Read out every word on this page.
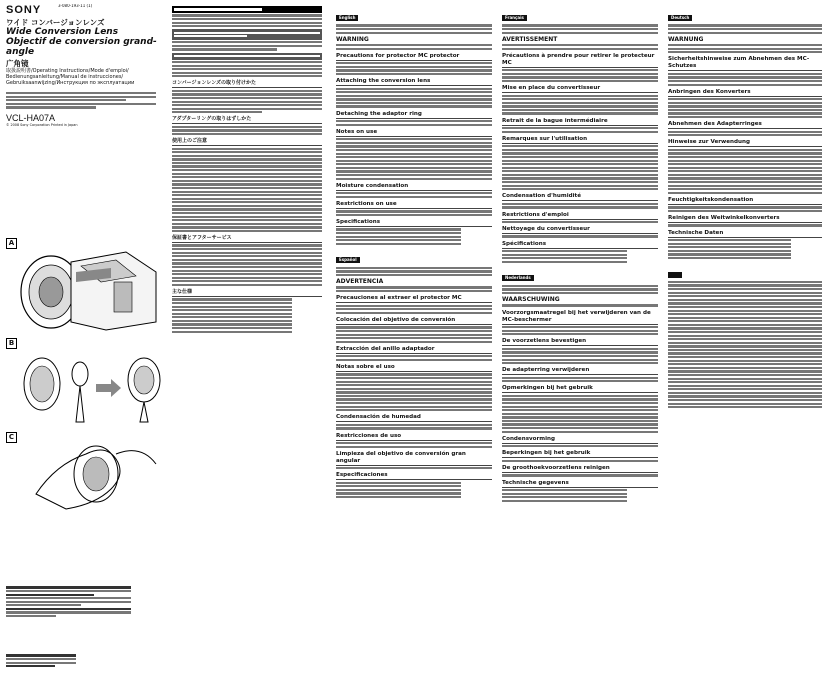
SONY	3-080-193-11 (1)
ワイド コンバージョンレンズ
Wide Conversion Lens
Objectif de conversion grand-angle
广角镜
取扱説明書/Operating Instructions/Mode d'emploi/
Bedienungsanleitung/Manual de instrucciones/
Gebruiksaanwijzing/Инструкция по эксплуатации
VCL-HA07A
© 2008 Sony Corporation Printed in Japan
A
B
C
コンバージョンレンズの取り付けかた
アダプターリングの取りはずしかた
使用上のご注意
保証書とアフターサービス
主な仕様
English
WARNING
Precautions for protector MC protector
Attaching the conversion lens
Detaching the adaptor ring
Notes on use
Moisture condensation
Restrictions on use
Specifications
Español
ADVERTENCIA
Precauciones al extraer el protector MC
Colocación del objetivo de conversión
Extracción del anillo adaptador
Notas sobre el uso
Condensación de humedad
Restricciones de uso
Limpieza del objetivo de conversión gran angular
Especificaciones
Français
AVERTISSEMENT
Précautions à prendre pour retirer le protecteur MC
Mise en place du convertisseur
Retrait de la bague intermédiaire
Remarques sur l'utilisation
Condensation d'humidité
Restrictions d'emploi
Nettoyage du convertisseur
Spécifications
Nederlands
WAARSCHUWING
Voorzorgsmaatregel bij het verwijderen van de MC-beschermer
De voorzetlens bevestigen
De adapterring verwijderen
Opmerkingen bij het gebruik
Condensvorming
Beperkingen bij het gebruik
De groothoekvoorzetlens reinigen
Technische gegevens
Deutsch
WARNUNG
Sicherheitshinweise zum Abnehmen des MC-Schutzes
Anbringen des Konverters
Abnehmen des Adapterringes
Hinweise zur Verwendung
Feuchtigkeitskondensation
Reinigen des Weitwinkelkonverters
Technische Daten
